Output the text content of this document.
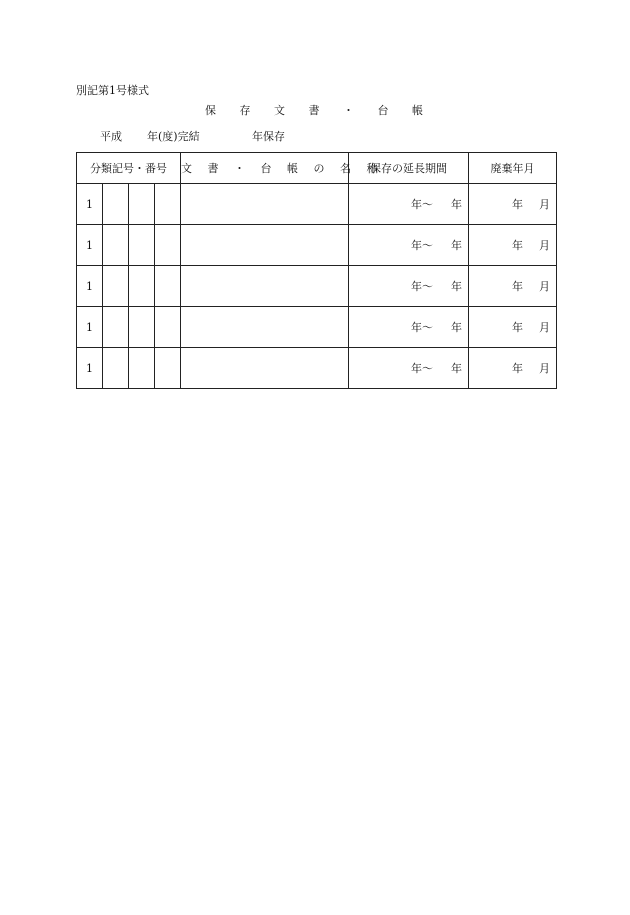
別記第1号様式
保 存 文 書 ・ 台 帳
平成 年(度)完結	年保存
分類記号・番号				文 書 ・ 台 帳 の 名 称	保存の延長期間	廃棄年月
1					年〜 年	年 月

1					年〜 年	年 月

1					年〜 年	年 月

1					年〜 年	年 月

1					年〜 年	年 月
